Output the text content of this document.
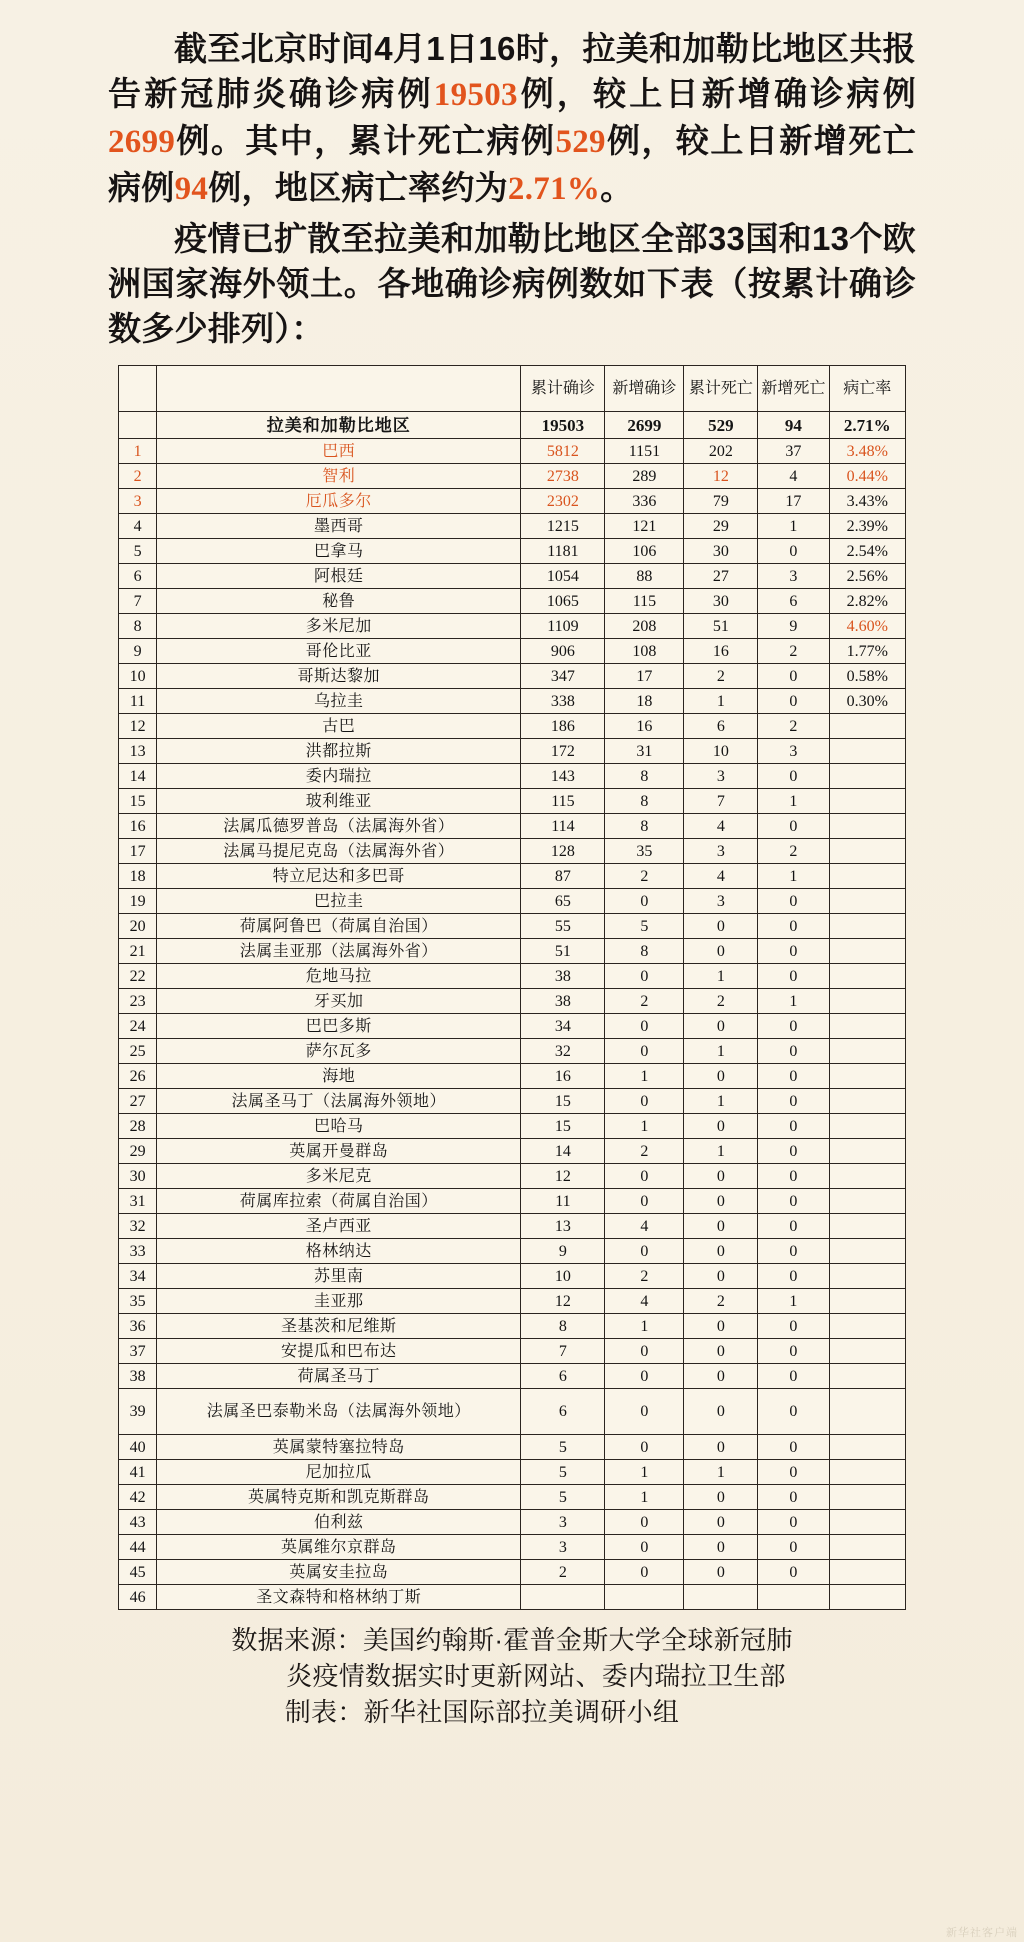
截至北京时间4月1日16时，拉美和加勒比地区共报告新冠肺炎确诊病例19503例，较上日新增确诊病例2699例。其中，累计死亡病例529例，较上日新增死亡病例94例，地区病亡率约为2.71%。

疫情已扩散至拉美和加勒比地区全部33国和13个欧洲国家海外领土。各地确诊病例数如下表（按累计确诊数多少排列）：

		累计确诊	新增确诊	累计死亡	新增死亡	病亡率
	拉美和加勒比地区	19503	2699	529	94	2.71%
1	巴西	5812	1151	202	37	3.48%
2	智利	2738	289	12	4	0.44%
3	厄瓜多尔	2302	336	79	17	3.43%
4	墨西哥	1215	121	29	1	2.39%
5	巴拿马	1181	106	30	0	2.54%
6	阿根廷	1054	88	27	3	2.56%
7	秘鲁	1065	115	30	6	2.82%
8	多米尼加	1109	208	51	9	4.60%
9	哥伦比亚	906	108	16	2	1.77%
10	哥斯达黎加	347	17	2	0	0.58%
11	乌拉圭	338	18	1	0	0.30%
12	古巴	186	16	6	2	
13	洪都拉斯	172	31	10	3	
14	委内瑞拉	143	8	3	0	
15	玻利维亚	115	8	7	1	
16	法属瓜德罗普岛（法属海外省）	114	8	4	0	
17	法属马提尼克岛（法属海外省）	128	35	3	2	
18	特立尼达和多巴哥	87	2	4	1	
19	巴拉圭	65	0	3	0	
20	荷属阿鲁巴（荷属自治国）	55	5	0	0	
21	法属圭亚那（法属海外省）	51	8	0	0	
22	危地马拉	38	0	1	0	
23	牙买加	38	2	2	1	
24	巴巴多斯	34	0	0	0	
25	萨尔瓦多	32	0	1	0	
26	海地	16	1	0	0	
27	法属圣马丁（法属海外领地）	15	0	1	0	
28	巴哈马	15	1	0	0	
29	英属开曼群岛	14	2	1	0	
30	多米尼克	12	0	0	0	
31	荷属库拉索（荷属自治国）	11	0	0	0	
32	圣卢西亚	13	4	0	0	
33	格林纳达	9	0	0	0	
34	苏里南	10	2	0	0	
35	圭亚那	12	4	2	1	
36	圣基茨和尼维斯	8	1	0	0	
37	安提瓜和巴布达	7	0	0	0	
38	荷属圣马丁	6	0	0	0	
39	法属圣巴泰勒米岛（法属海外领地）	6	0	0	0	
40	英属蒙特塞拉特岛	5	0	0	0	
41	尼加拉瓜	5	1	1	0	
42	英属特克斯和凯克斯群岛	5	1	0	0	
43	伯利兹	3	0	0	0	
44	英属维尔京群岛	3	0	0	0	
45	英属安圭拉岛	2	0	0	0	
46	圣文森特和格林纳丁斯					

数据来源：美国约翰斯·霍普金斯大学全球新冠肺

炎疫情数据实时更新网站、委内瑞拉卫生部

制表：新华社国际部拉美调研小组

新华社客户端
